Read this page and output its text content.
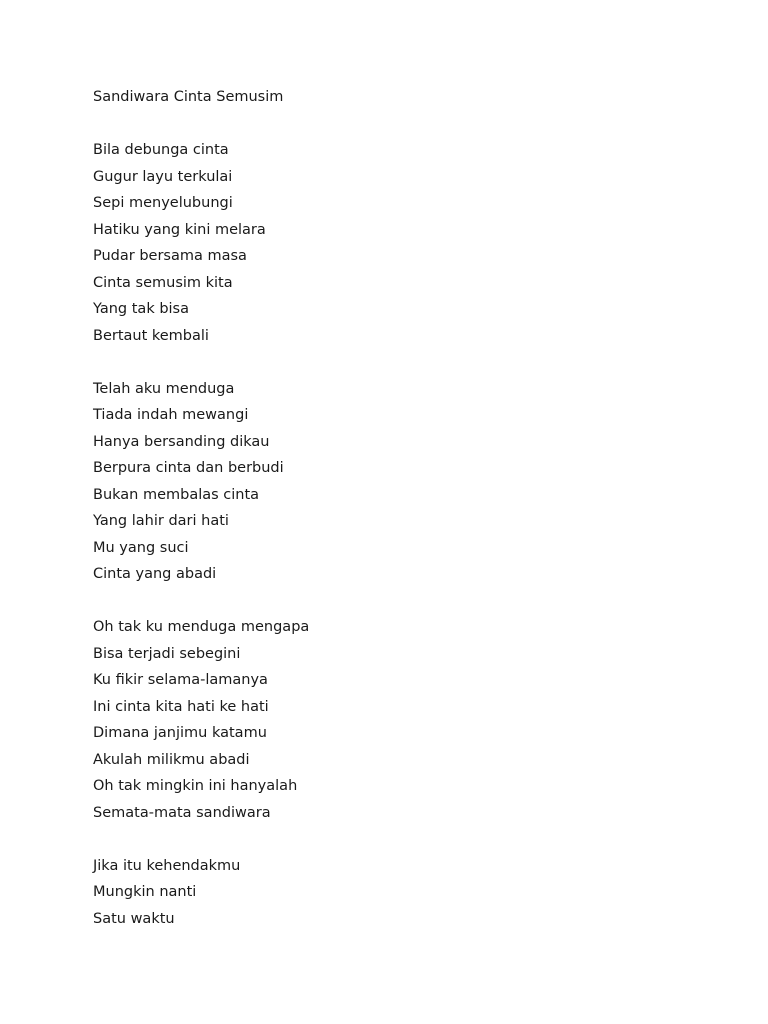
Sandiwara Cinta Semusim
Bila debunga cinta
Gugur layu terkulai
Sepi menyelubungi
Hatiku yang kini melara
Pudar bersama masa
Cinta semusim kita
Yang tak bisa
Bertaut kembali
Telah aku menduga
Tiada indah mewangi
Hanya bersanding dikau
Berpura cinta dan berbudi
Bukan membalas cinta
Yang lahir dari hati
Mu yang suci
Cinta yang abadi
Oh tak ku menduga mengapa
Bisa terjadi sebegini
Ku fikir selama-lamanya
Ini cinta kita hati ke hati
Dimana janjimu katamu
Akulah milikmu abadi
Oh tak mingkin ini hanyalah
Semata-mata sandiwara
Jika itu kehendakmu
Mungkin nanti
Satu waktu
